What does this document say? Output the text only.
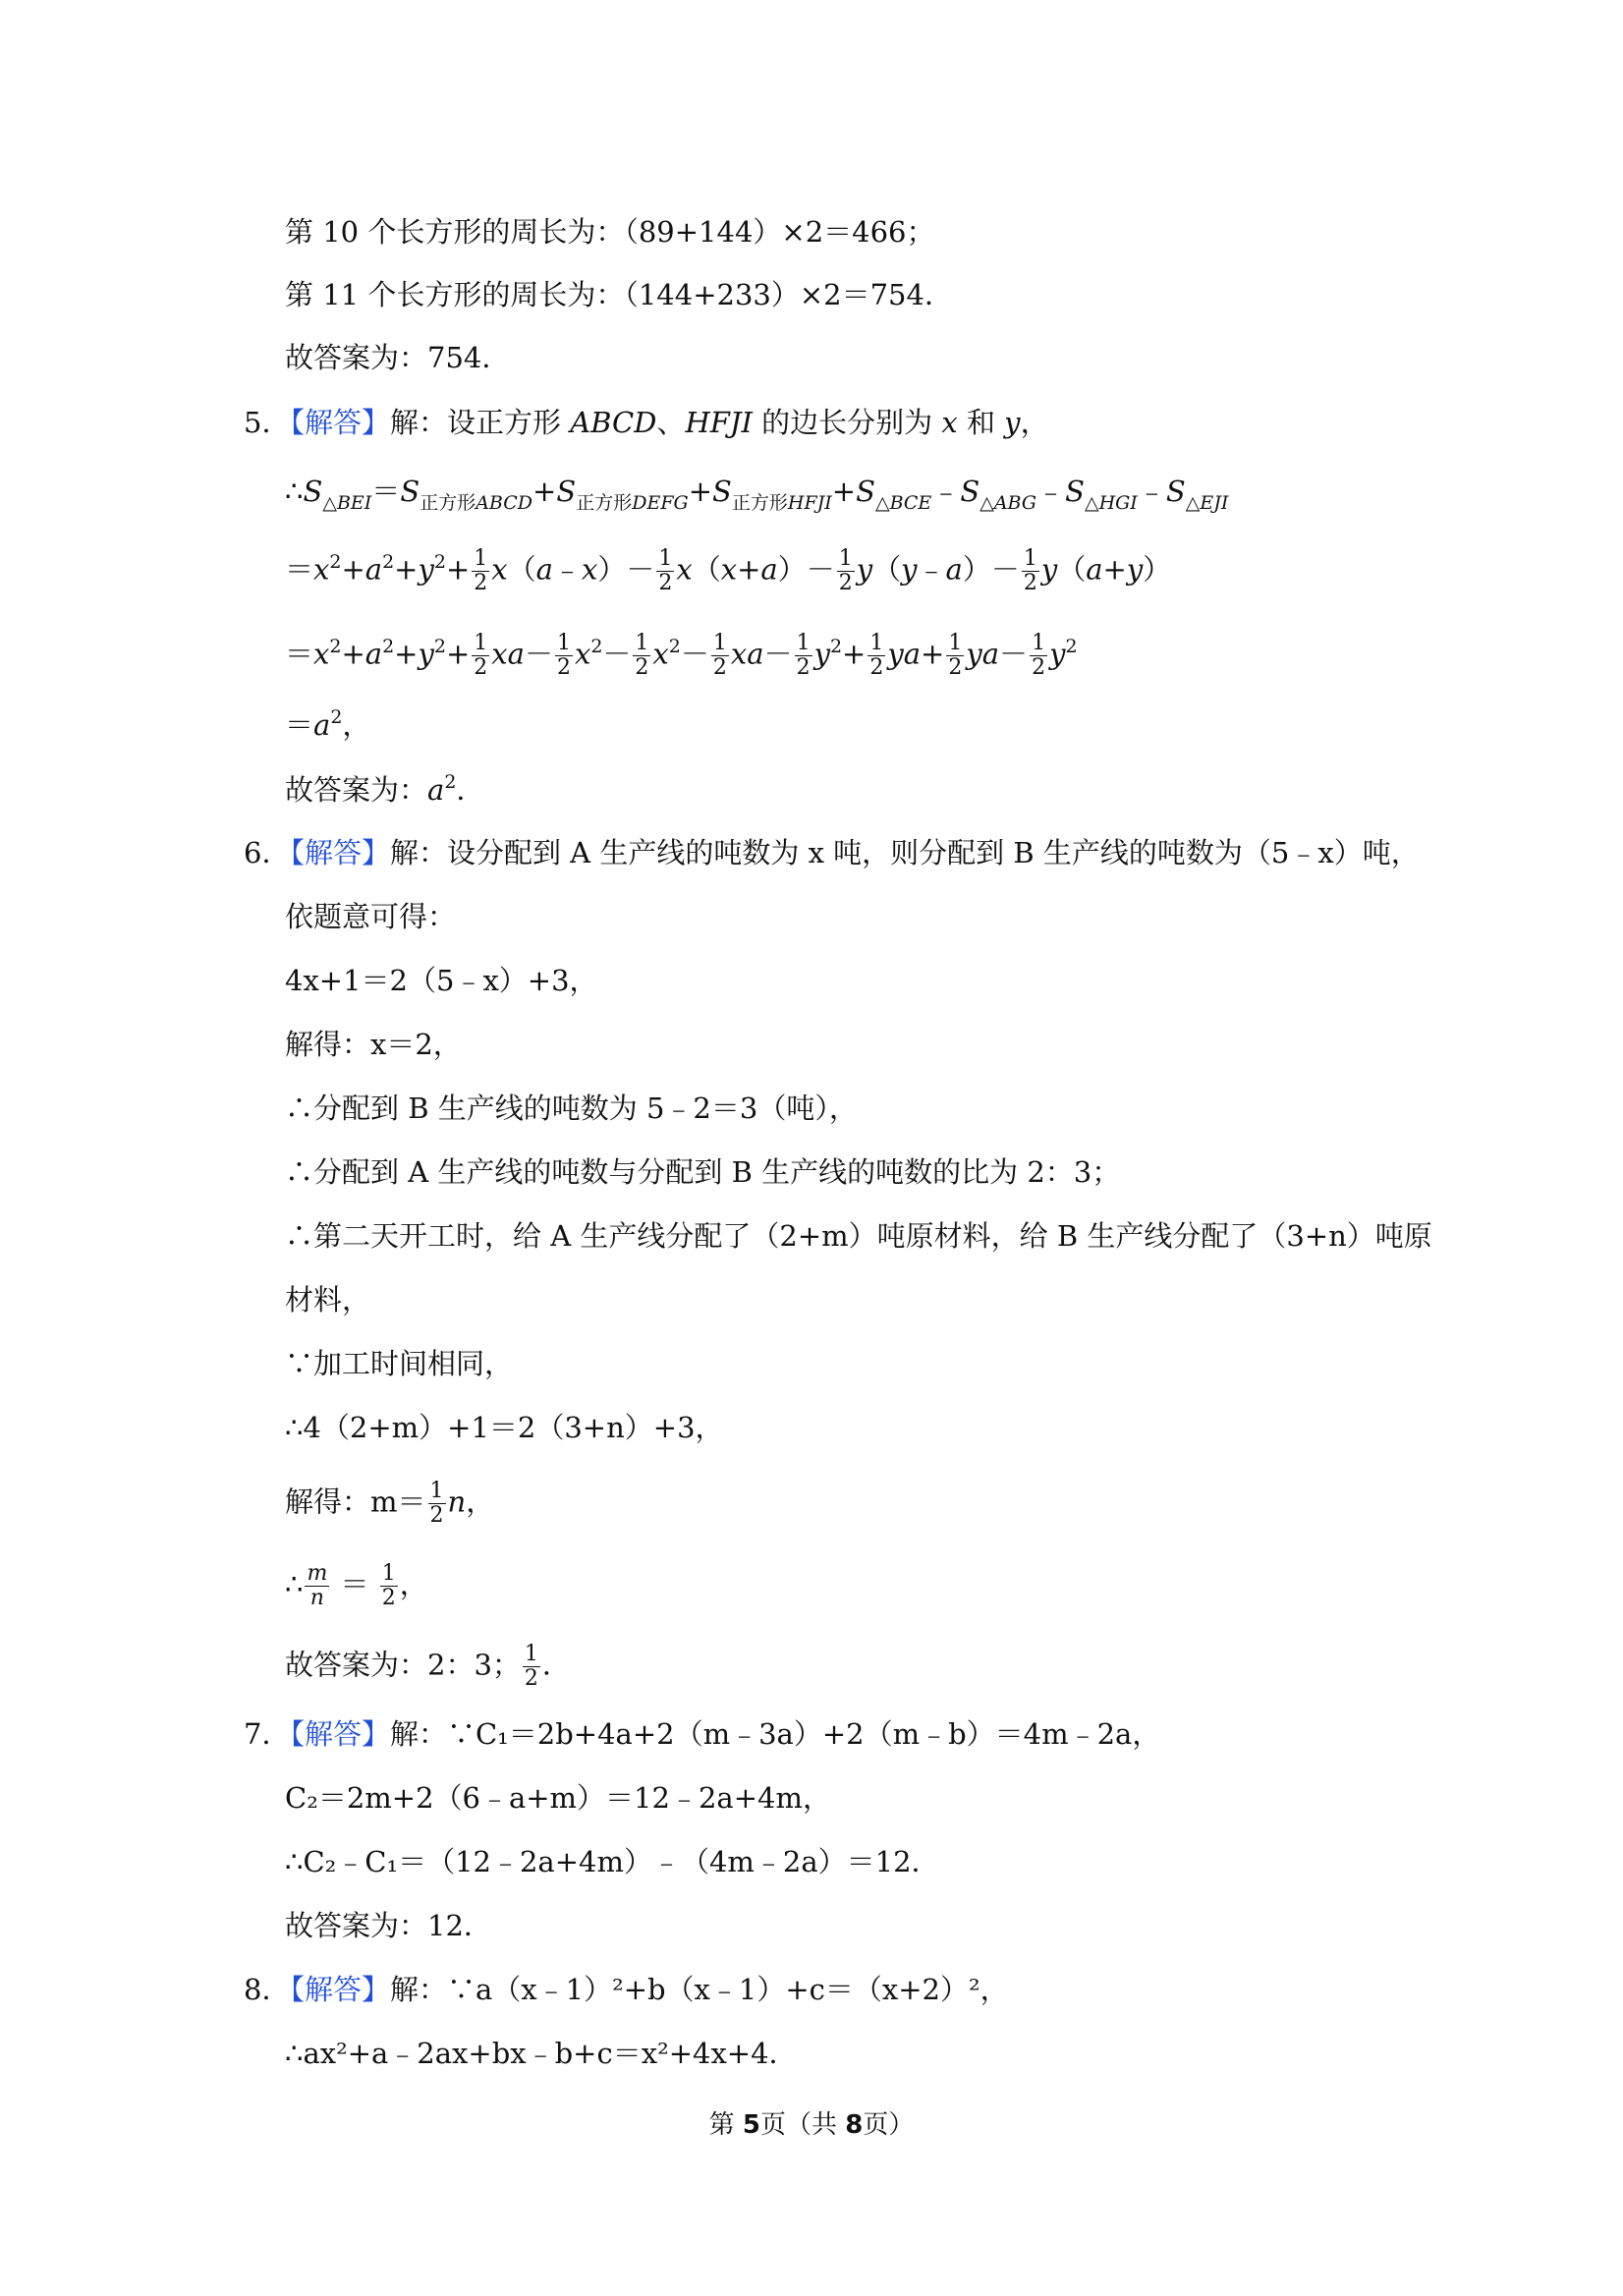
第 10 个长方形的周长为：（89+144）×2＝466；
第 11 个长方形的周长为：（144+233）×2＝754．
故答案为：754．
5．【解答】解：设正方形 ABCD、HFJI 的边长分别为 x 和 y，
$\therefore S_{\triangle BEI}=S_{正方形ABCD}+S_{正方形DEFG}+S_{正方形HFJI}+S_{\triangle BCE}﹣S_{\triangle ABG}﹣S_{\triangle HGI}﹣S_{\triangle EJI}$
$=x^2+a^2+y^2+ \frac{1}{2}$ x（a﹣x）－ $\frac{1}{2} x(x+a)- \frac{1}{2}$ y（y﹣a）－ $\frac{1}{2} y(a+y)$
$=x^2+a^2+y^2+ \frac{1}{2} xa- \frac{1}{2} x^2- \frac{1}{2} x^2- \frac{1}{2} xa- \frac{1}{2} y^2+ \frac{1}{2} ya+ \frac{1}{2} ya- \frac{1}{2} y^2$
$=a^2$，
故答案为：$a^2$．
6．【解答】解：设分配到 A 生产线的吨数为 x 吨，则分配到 B 生产线的吨数为（5﹣x）吨，
依题意可得：
4x+1＝2（5﹣x）+3，
解得：x＝2，
∴分配到 B 生产线的吨数为 5﹣2＝3（吨），
∴分配到 A 生产线的吨数与分配到 B 生产线的吨数的比为 2：3；
∴第二天开工时，给 A 生产线分配了（2+m）吨原材料，给 B 生产线分配了（3+n）吨原
材料，
∵加工时间相同，
∴4（2+m）+1＝2（3+n）+3，
解得：$m= \frac{1}{2}$ n，
∴ $\frac{m}{n} = \frac{1}{2}$ ，
故答案为：2：3； $\frac{1}{2}$ ．
7．【解答】解：∵C₁＝2b+4a+2（m﹣3a）+2（m﹣b）＝4m﹣2a，
C₂＝2m+2（6﹣a+m）＝12﹣2a+4m，
∴C₂﹣C₁＝（12﹣2a+4m）﹣（4m﹣2a）＝12．
故答案为：12．
8．【解答】解：∵a（x﹣1）²+b（x﹣1）+c＝（x+2）²，
∴ax²+a﹣2ax+bx﹣b+c＝x²+4x+4．
第 5页（共 8页）
